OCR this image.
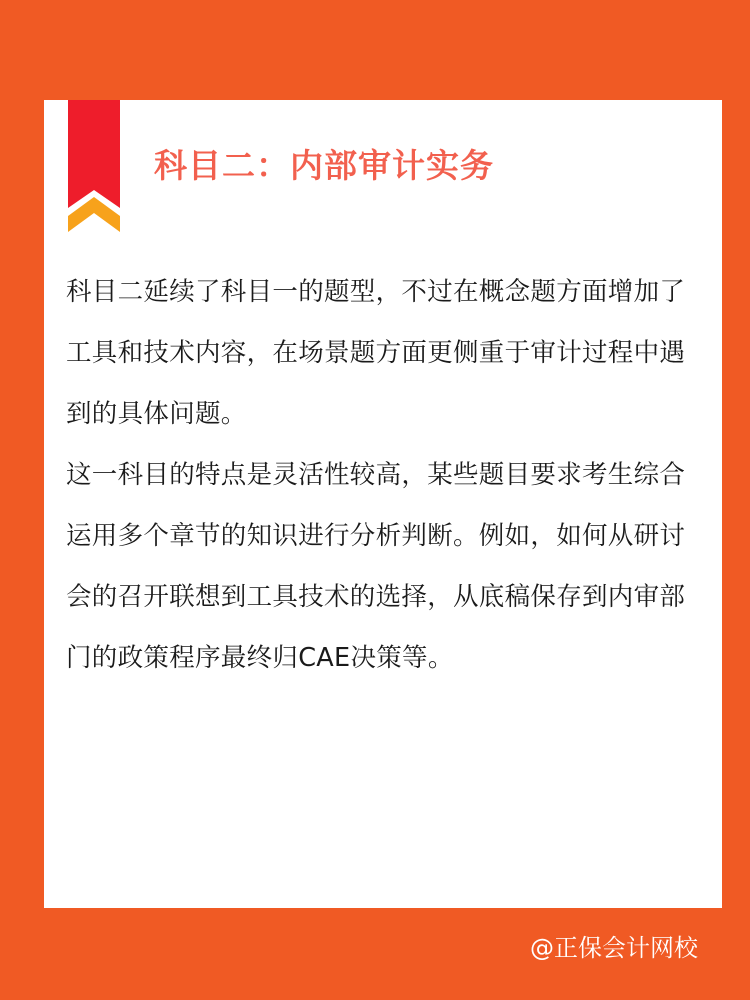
科目二：内部审计实务

科目二延续了科目一的题型，不过在概念题方面增加了工具和技术内容，在场景题方面更侧重于审计过程中遇到的具体问题。

这一科目的特点是灵活性较高，某些题目要求考生综合运用多个章节的知识进行分析判断。例如，如何从研讨会的召开联想到工具技术的选择，从底稿保存到内审部门的政策程序最终归CAE决策等。

@正保会计网校
